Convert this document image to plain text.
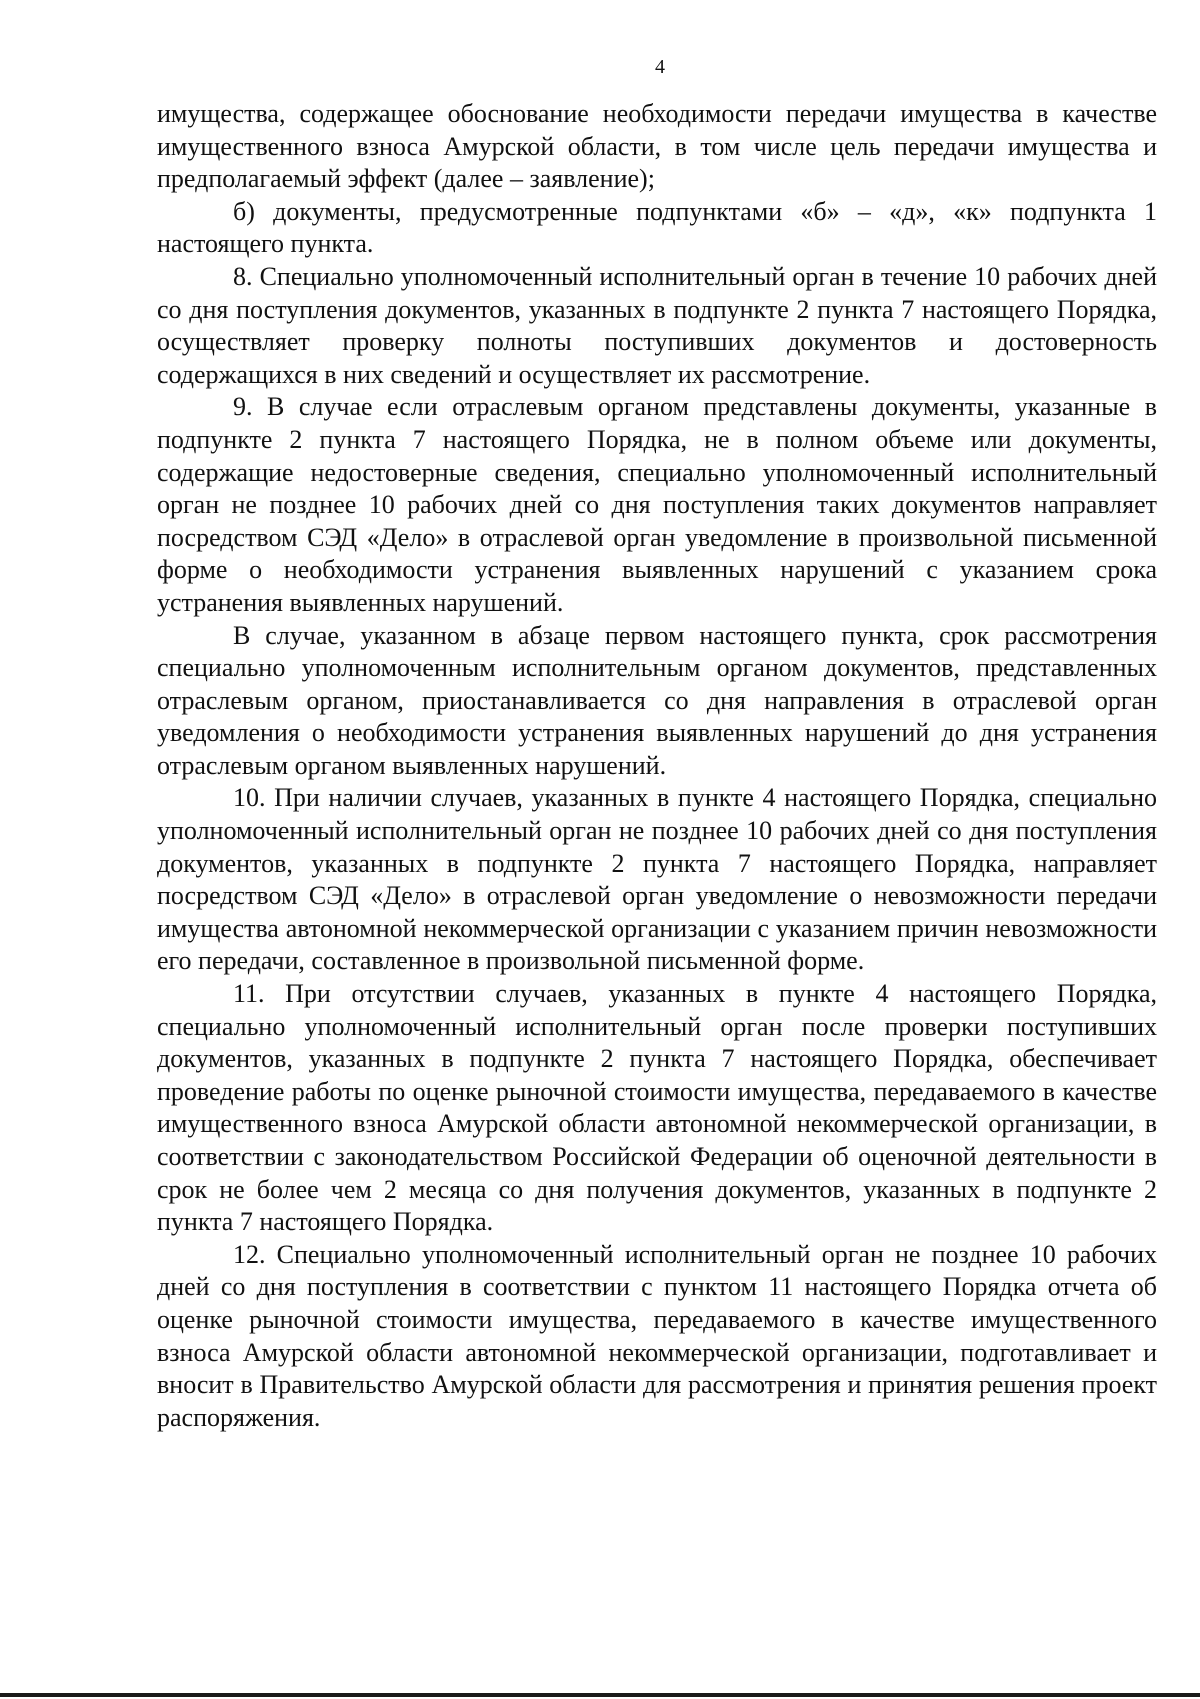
4

имущества, содержащее обоснование необходимости передачи имущества в качестве имущественного взноса Амурской области, в том числе цель передачи имущества и предполагаемый эффект (далее – заявление);

б) документы, предусмотренные подпунктами «б» – «д», «к» подпункта 1 настоящего пункта.

8. Специально уполномоченный исполнительный орган в течение 10 рабочих дней со дня поступления документов, указанных в подпункте 2 пункта 7 настоящего Порядка, осуществляет проверку полноты поступивших документов и достоверность содержащихся в них сведений и осуществляет их рассмотрение.

9. В случае если отраслевым органом представлены документы, указанные в подпункте 2 пункта 7 настоящего Порядка, не в полном объеме или документы, содержащие недостоверные сведения, специально уполномоченный исполнительный орган не позднее 10 рабочих дней со дня поступления таких документов направляет посредством СЭД «Дело» в отраслевой орган уведомление в произвольной письменной форме о необходимости устранения выявленных нарушений с указанием срока устранения выявленных нарушений.

В случае, указанном в абзаце первом настоящего пункта, срок рассмотрения специально уполномоченным исполнительным органом документов, представленных отраслевым органом, приостанавливается со дня направления в отраслевой орган уведомления о необходимости устранения выявленных нарушений до дня устранения отраслевым органом выявленных нарушений.

10. При наличии случаев, указанных в пункте 4 настоящего Порядка, специально уполномоченный исполнительный орган не позднее 10 рабочих дней со дня поступления документов, указанных в подпункте 2 пункта 7 настоящего Порядка, направляет посредством СЭД «Дело» в отраслевой орган уведомление о невозможности передачи имущества автономной некоммерческой организации с указанием причин невозможности его передачи, составленное в произвольной письменной форме.

11. При отсутствии случаев, указанных в пункте 4 настоящего Порядка, специально уполномоченный исполнительный орган после проверки поступивших документов, указанных в подпункте 2 пункта 7 настоящего Порядка, обеспечивает проведение работы по оценке рыночной стоимости имущества, передаваемого в качестве имущественного взноса Амурской области автономной некоммерческой организации, в соответствии с законодательством Российской Федерации об оценочной деятельности в срок не более чем 2 месяца со дня получения документов, указанных в подпункте 2 пункта 7 настоящего Порядка.

12. Специально уполномоченный исполнительный орган не позднее 10 рабочих дней со дня поступления в соответствии с пунктом 11 настоящего Порядка отчета об оценке рыночной стоимости имущества, передаваемого в качестве имущественного взноса Амурской области автономной некоммерческой организации, подготавливает и вносит в Правительство Амурской области для рассмотрения и принятия решения проект распоряжения.
